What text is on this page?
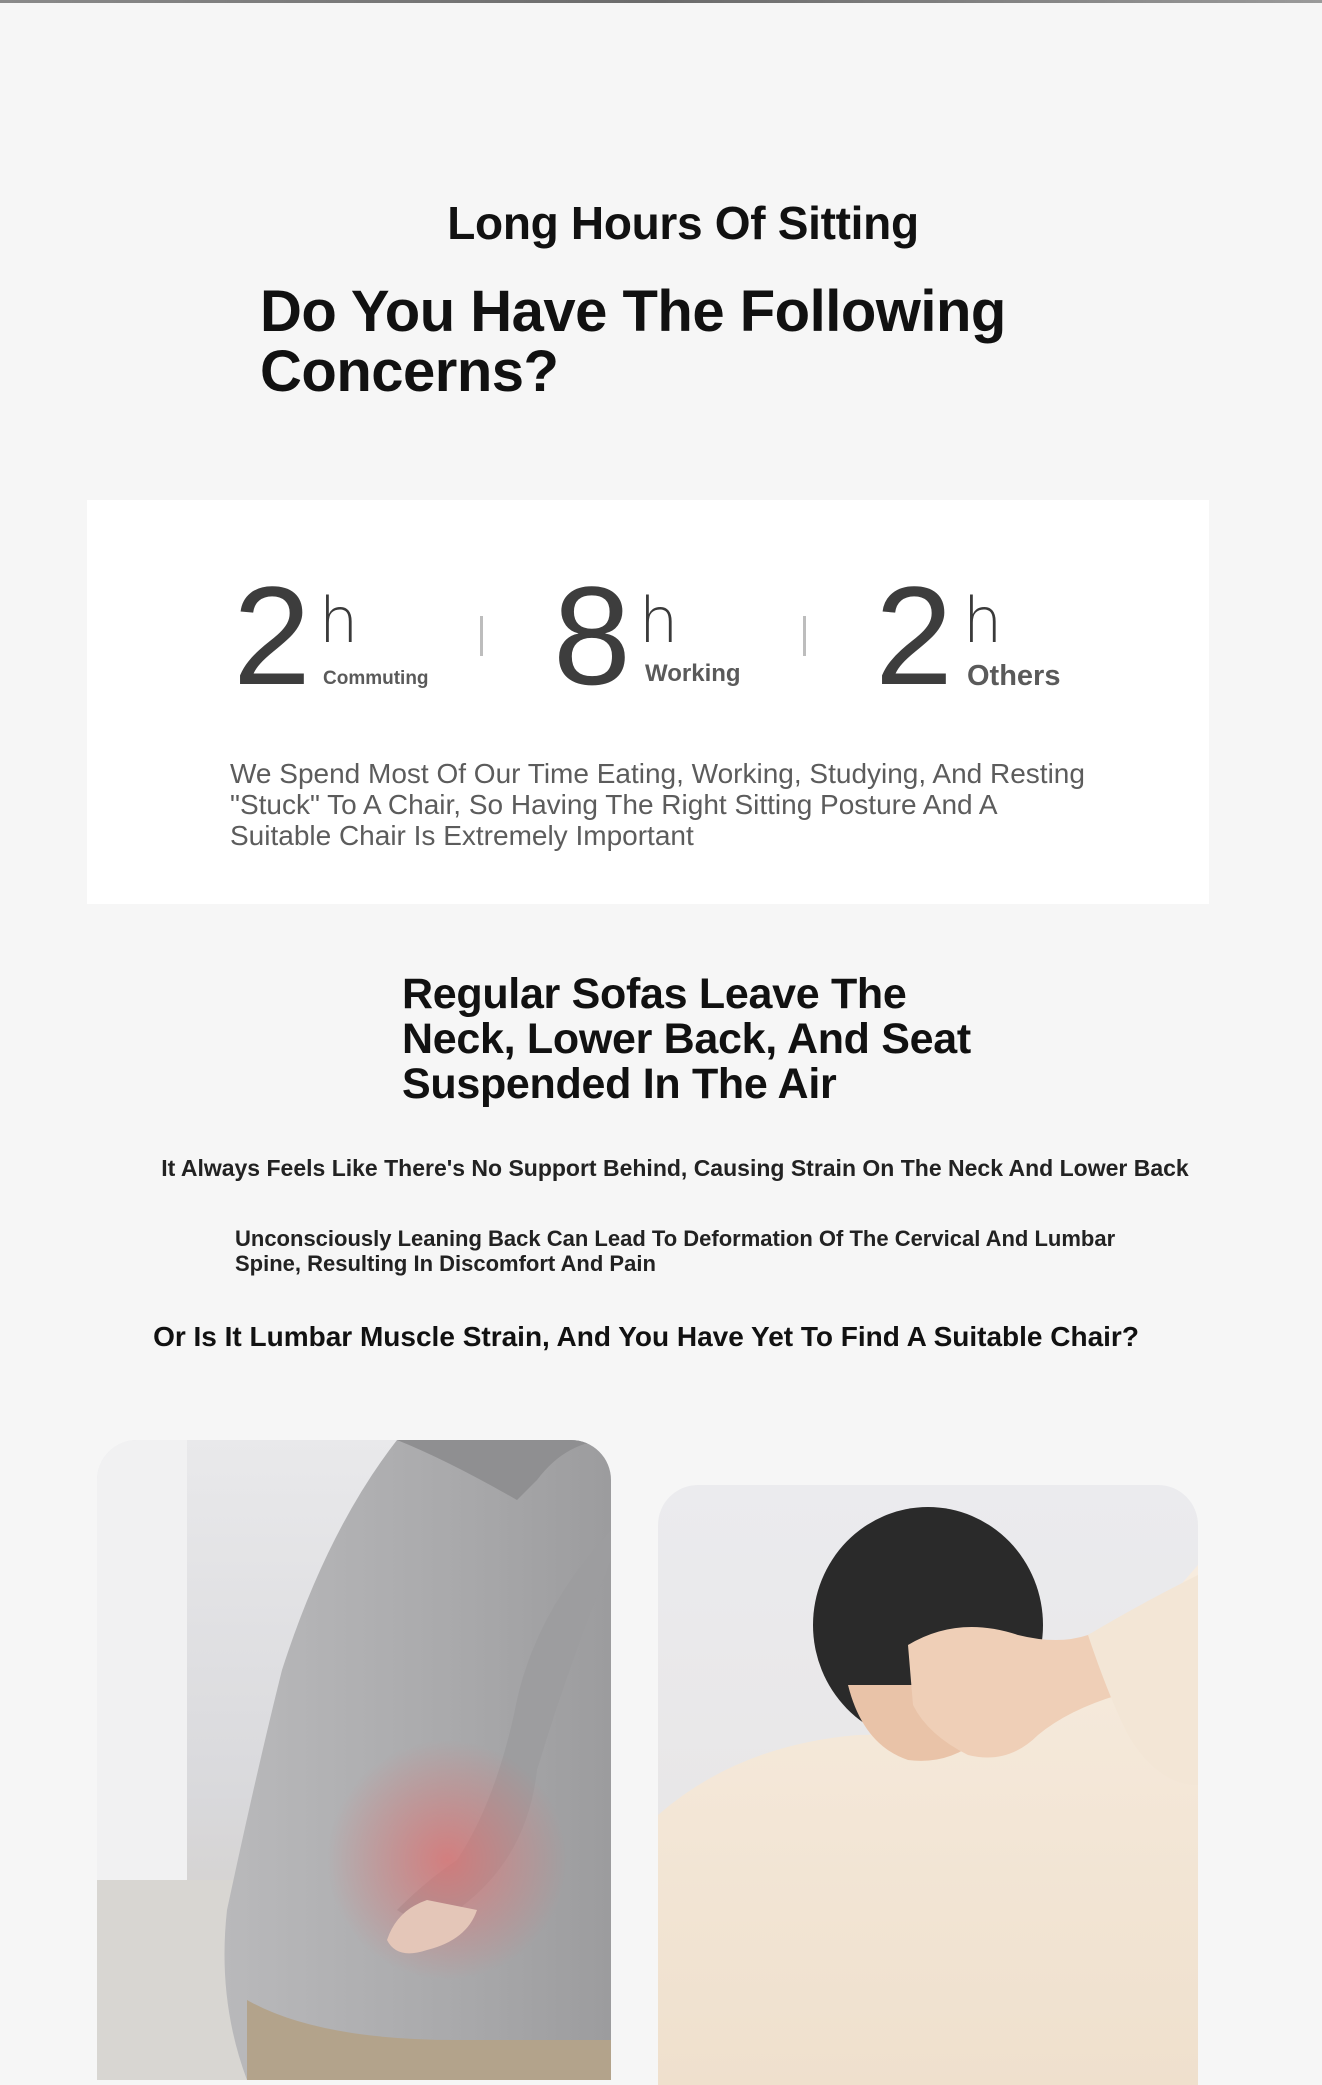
Long Hours Of Sitting
Do You Have The Following Concerns?
2 h
Commuting 8 h
Working 2 h
Others
We Spend Most Of Our Time Eating, Working, Studying, And Resting "Stuck" To A Chair, So Having The Right Sitting Posture And A Suitable Chair Is Extremely Important
Regular Sofas Leave The Neck, Lower Back, And Seat Suspended In The Air
It Always Feels Like There's No Support Behind, Causing Strain On The Neck And Lower Back
Unconsciously Leaning Back Can Lead To Deformation Of The Cervical And Lumbar Spine, Resulting In Discomfort And Pain
Or Is It Lumbar Muscle Strain, And You Have Yet To Find A Suitable Chair?
